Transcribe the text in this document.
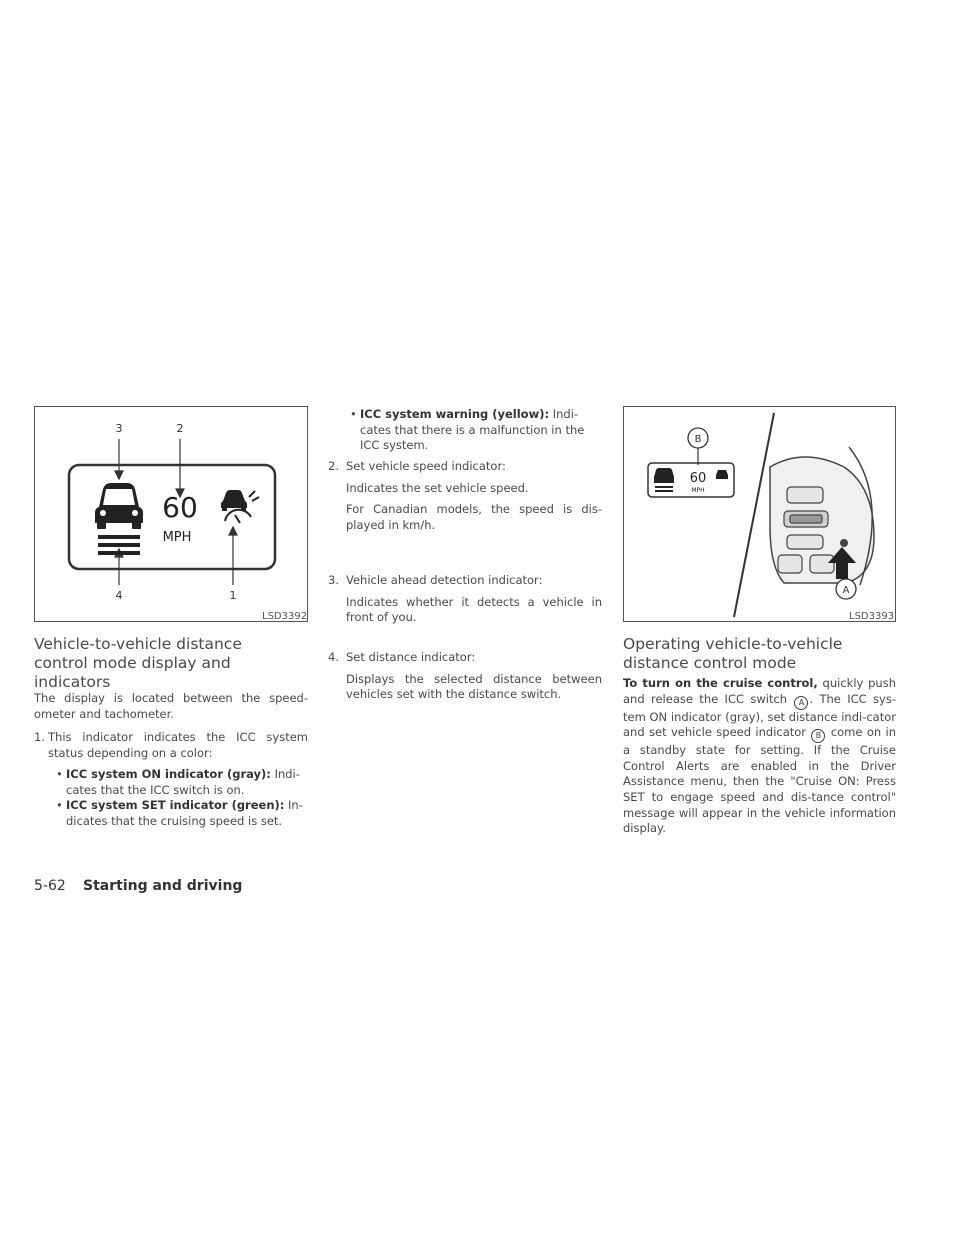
3	2
4	1
60
MPH
LSD3392
60
MPH
B
A
LSD3393
Vehicle-to-vehicle distance
control mode display and
indicators
The display is located between the speed-ometer and tachometer.
1. This indicator indicates the ICC system status depending on a color:
• ICC system ON indicator (gray): Indi-cates that the ICC switch is on.
• ICC system SET indicator (green): In-dicates that the cruising speed is set.
• ICC system warning (yellow): Indi-cates that there is a malfunction in the ICC system.
2. Set vehicle speed indicator:
Indicates the set vehicle speed.
For Canadian models, the speed is dis-played in km/h.
3. Vehicle ahead detection indicator:
Indicates whether it detects a vehicle in front of you.
4. Set distance indicator:
Displays the selected distance between vehicles set with the distance switch.
Operating vehicle-to-vehicle
distance control mode
To turn on the cruise control, quickly push and release the ICC switch A . The ICC sys-tem ON indicator (gray), set distance indi-cator and set vehicle speed indicator B come on in a standby state for setting. If the Cruise Control Alerts are enabled in the Driver Assistance menu, then the "Cruise ON: Press SET to engage speed and dis-tance control" message will appear in the vehicle information display.
5-62 Starting and driving
